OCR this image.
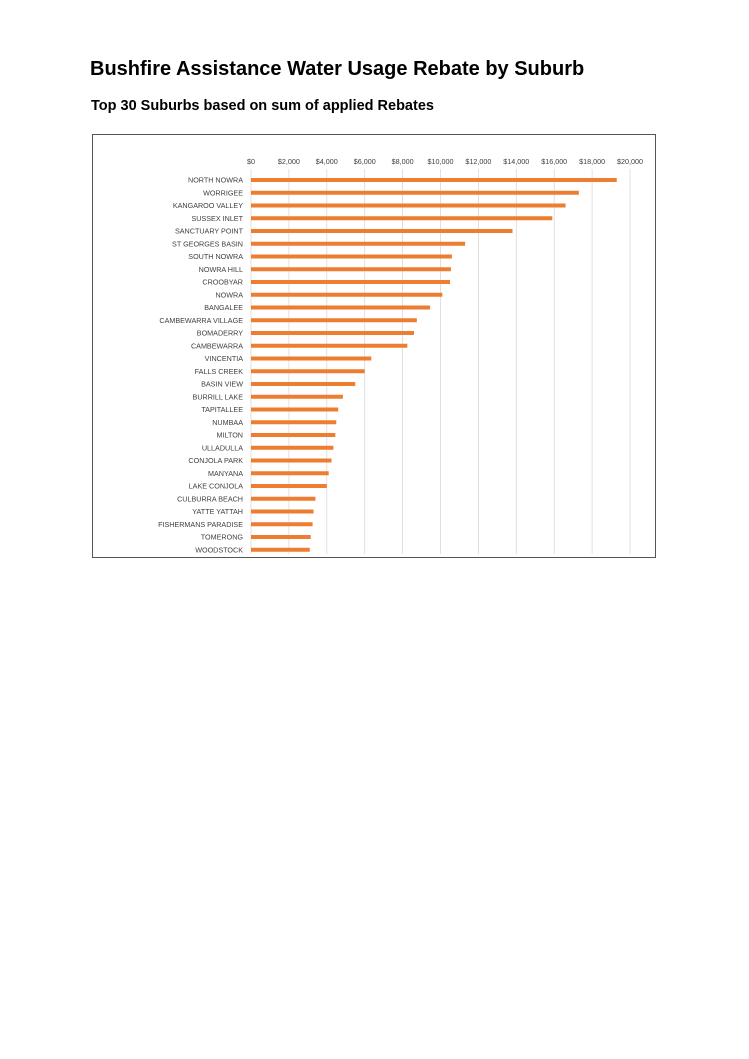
Bushfire Assistance Water Usage Rebate by Suburb
Top 30 Suburbs based on sum of applied Rebates
$0	$2,000 $4,000 $6,000 $8,000 $10,000 $12,000 $14,000 $16,000 $18,000 $20,000
NORTH NOWRA
WORRIGEE
KANGAROO VALLEY
SUSSEX INLET
SANCTUARY POINT
ST GEORGES BASIN
SOUTH NOWRA
NOWRA HILL
CROOBYAR
NOWRA
BANGALEE
CAMBEWARRA VILLAGE
BOMADERRY
CAMBEWARRA
VINCENTIA
FALLS CREEK
BASIN VIEW
BURRILL LAKE
TAPITALLEE
NUMBAA
MILTON
ULLADULLA
CONJOLA PARK
MANYANA
LAKE CONJOLA
CULBURRA BEACH
YATTE YATTAH
FISHERMANS PARADISE
TOMERONG
WOODSTOCK
